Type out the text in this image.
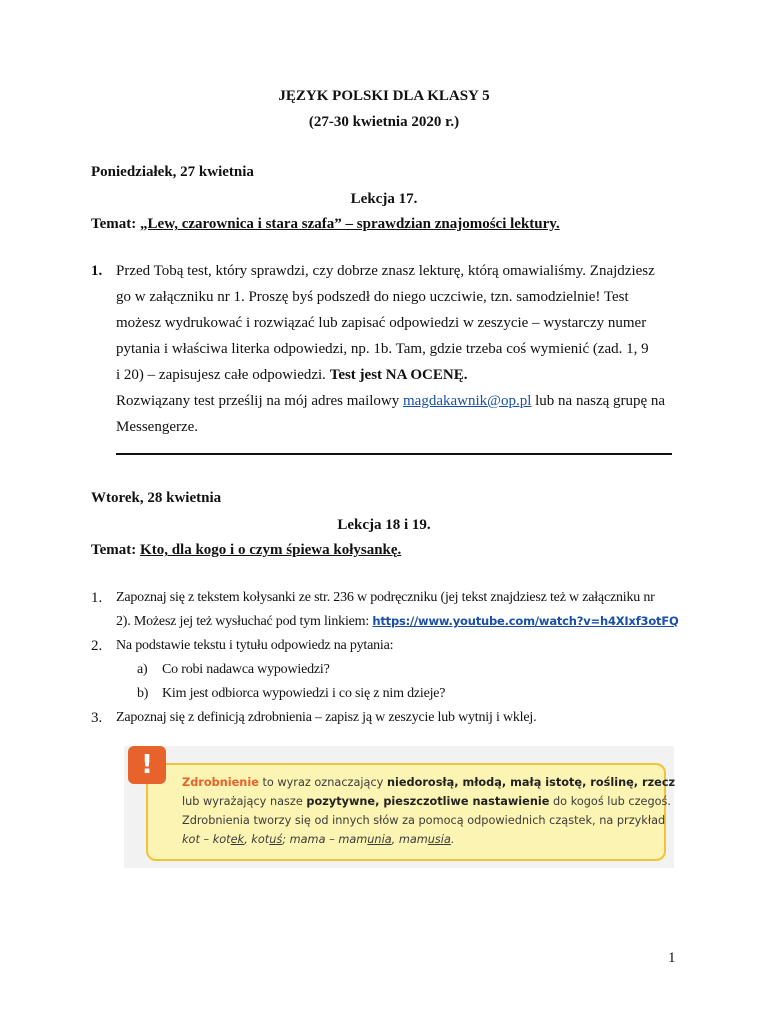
JĘZYK POLSKI DLA KLASY 5
(27-30 kwietnia 2020 r.)
Poniedziałek, 27 kwietnia
Lekcja 17.
Temat: „Lew, czarownica i stara szafa” – sprawdzian znajomości lektury.
1. Przed Tobą test, który sprawdzi, czy dobrze znasz lekturę, którą omawialiśmy. Znajdziesz
go w załączniku nr 1. Proszę byś podszedł do niego uczciwie, tzn. samodzielnie! Test
możesz wydrukować i rozwiązać lub zapisać odpowiedzi w zeszycie – wystarczy numer
pytania i właściwa literka odpowiedzi, np. 1b. Tam, gdzie trzeba coś wymienić (zad. 1, 9
i 20) – zapisujesz całe odpowiedzi. Test jest NA OCENĘ.
Rozwiązany test prześlij na mój adres mailowy magdakawnik@op.pl lub na naszą grupę na
Messengerze.
Wtorek, 28 kwietnia
Lekcja 18 i 19.
Temat: Kto, dla kogo i o czym śpiewa kołysankę.
1. Zapoznaj się z tekstem kołysanki ze str. 236 w podręczniku (jej tekst znajdziesz też w załączniku nr
2). Możesz jej też wysłuchać pod tym linkiem: https://www.youtube.com/watch?v=h4XIxf3otFQ
2. Na podstawie tekstu i tytułu odpowiedz na pytania:
a) Co robi nadawca wypowiedzi?
b) Kim jest odbiorca wypowiedzi i co się z nim dzieje?
3. Zapoznaj się z definicją zdrobnienia – zapisz ją w zeszycie lub wytnij i wklej.
Zdrobnienie to wyraz oznaczający niedorosłą, młodą, małą istotę, roślinę, rzecz
lub wyrażający nasze pozytywne, pieszczotliwe nastawienie do kogoś lub czegoś.
Zdrobnienia tworzy się od innych słów za pomocą odpowiednich cząstek, na przykład
kot – kotek, kotuś; mama – mamunia, mamusia.
!
1
